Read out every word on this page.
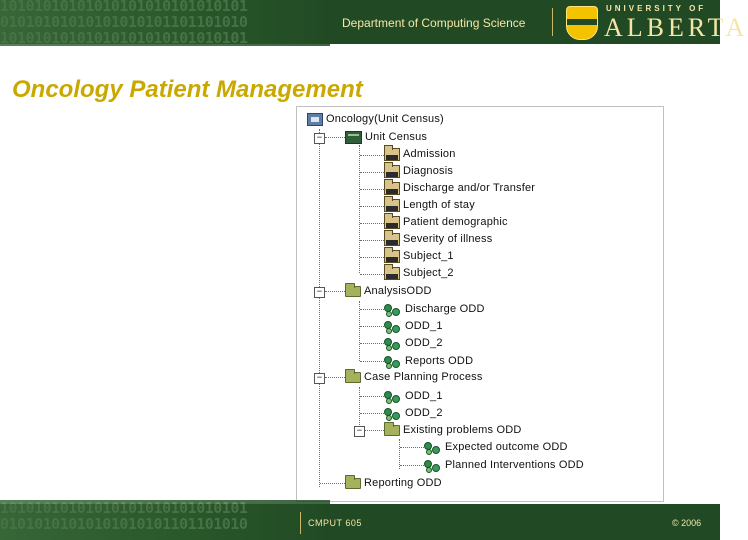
10101010101010101010101010101
01010101010101010101101101010
10101010101010101010101010101
Department of Computing Science
UNIVERSITY OF
ALBERTA
Oncology Patient Management
Oncology(Unit Census)
−	Unit Census
Admission
Diagnosis
Discharge and/or Transfer
Length of stay
Patient demographic
Severity of illness
Subject_1
Subject_2
−	AnalysisODD
Discharge ODD
ODD_1
ODD_2
Reports ODD
−	Case Planning Process
ODD_1
ODD_2
−	Existing problems ODD
Expected outcome ODD
Planned Interventions ODD
Reporting ODD
10101010101010101010101010101
01010101010101010101101101010	CMPUT 605	© 2006
